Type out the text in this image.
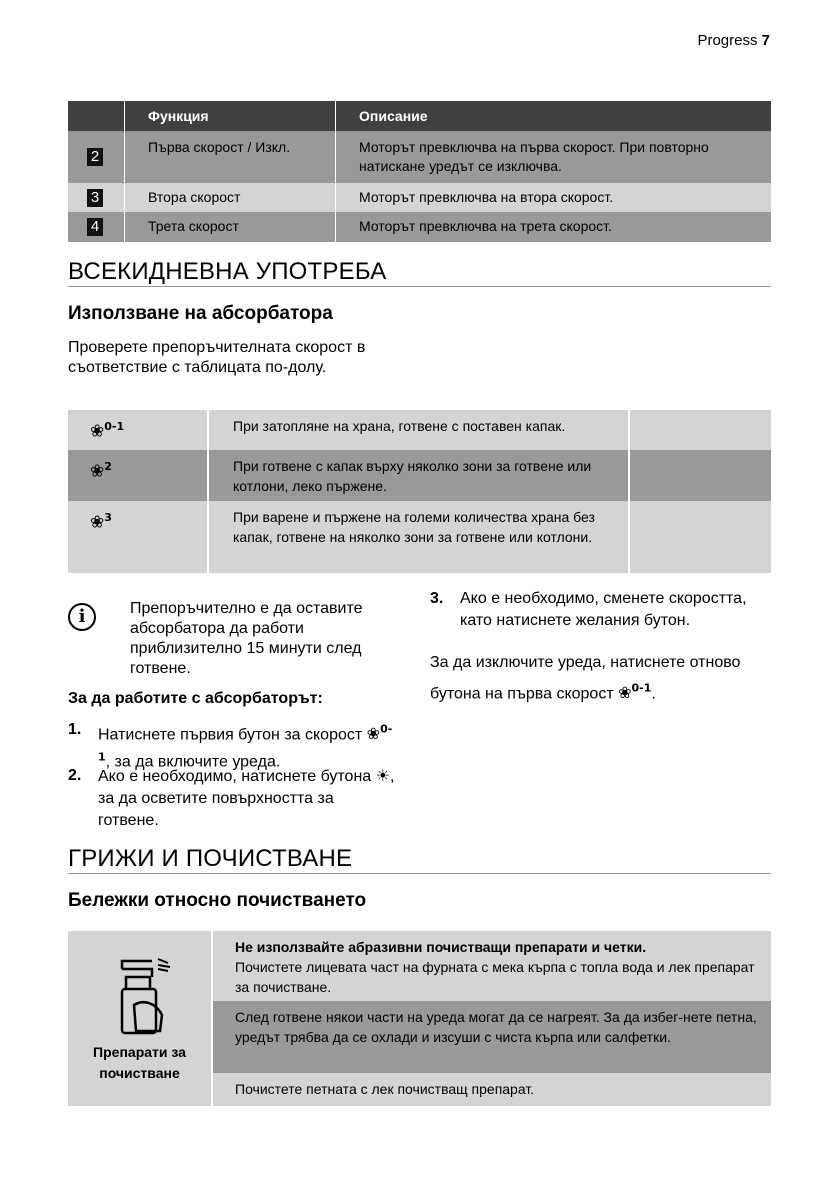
Progress 7

	Функция	Описание

2	Първа скорост / Изкл.	Моторът превключва на първа скорост. При повторно натискане уредът се изключва.

3	Втора скорост	Моторът превключва на втора скорост.

4	Трета скорост	Моторът превключва на трета скорост.
ВСЕКИДНЕВНА УПОТРЕБА
Използване на абсорбатора
Проверете препоръчителната скорост в съответствие с таблицата по-долу.
❀$^{0-1}$	При затопляне на храна, готвене с поставен капак.
❀$^2$	При готвене с капак върху няколко зони за готвене или котлони, леко пържене.
❀$^3$	При варене и пържене на големи количества храна без капак, готвене на няколко зони за готвене или котлони.
i	Препоръчително е да оставите абсорбатора да работи приблизително 15 минути след готвене.
За да работите с абсорбаторът:
1. Натиснете първия бутон за скорост ❀$^{0-1}$, за да включите уреда.
2. Ако е необходимо, натиснете бутона ☀, за да осветите повърхността за готвене.
3. Ако е необходимо, сменете скоростта, като натиснете желания бутон.
За да изключите уреда, натиснете отново бутона на първа скорост ❀$^{0-1}$.
ГРИЖИ И ПОЧИСТВАНЕ
Бележки относно почистването
Препарати за почистване
Не използвайте абразивни почистващи препарати и четки.
Почистете лицевата част на фурната с мека кърпа с топла вода и лек препарат за почистване.
След готвене някои части на уреда могат да се нагреят. За да избег-нете петна, уредът трябва да се охлади и изсуши с чиста кърпа или салфетки.
Почистете петната с лек почистващ препарат.
